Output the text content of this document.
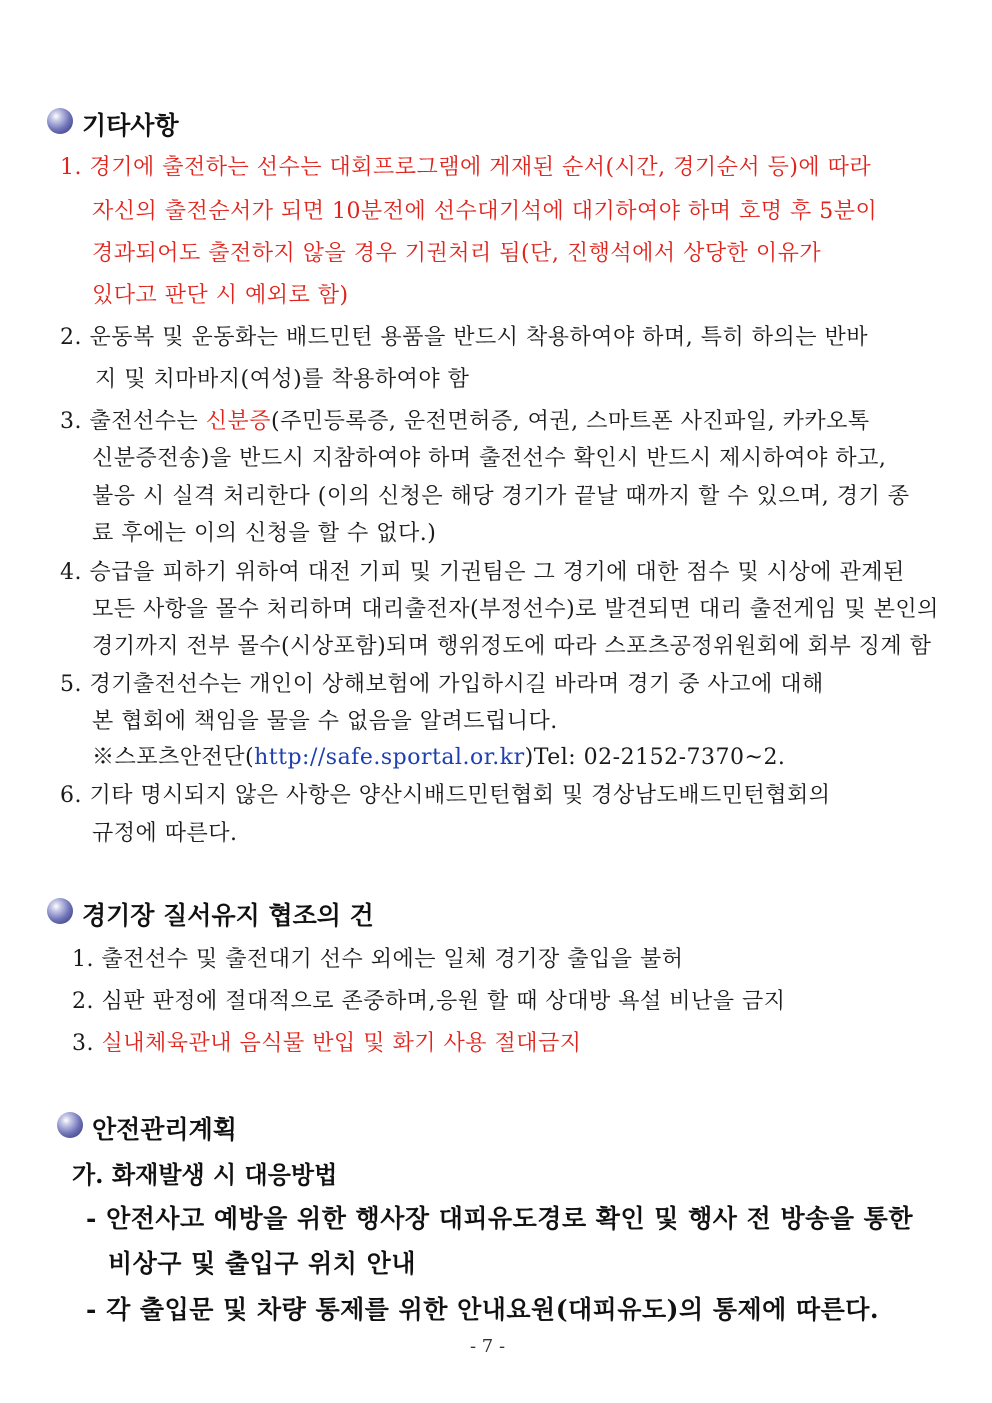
기타사항
1. 경기에 출전하는 선수는 대회프로그램에 게재된 순서(시간, 경기순서 등)에 따라
자신의 출전순서가 되면 10분전에 선수대기석에 대기하여야 하며 호명 후 5분이
경과되어도 출전하지 않을 경우 기권처리 됨(단, 진행석에서 상당한 이유가
있다고 판단 시 예외로 함)
2. 운동복 및 운동화는 배드민턴 용품을 반드시 착용하여야 하며, 특히 하의는 반바
지 및 치마바지(여성)를 착용하여야 함
3. 출전선수는 신분증(주민등록증, 운전면허증, 여권, 스마트폰 사진파일, 카카오톡
신분증전송)을 반드시 지참하여야 하며 출전선수 확인시 반드시 제시하여야 하고,
불응 시 실격 처리한다 (이의 신청은 해당 경기가 끝날 때까지 할 수 있으며, 경기 종
료 후에는 이의 신청을 할 수 없다.)
4. 승급을 피하기 위하여 대전 기피 및 기권팀은 그 경기에 대한 점수 및 시상에 관계된
모든 사항을 몰수 처리하며 대리출전자(부정선수)로 발견되면 대리 출전게임 및 본인의
경기까지 전부 몰수(시상포함)되며 행위정도에 따라 스포츠공정위원회에 회부 징계 함
5. 경기출전선수는 개인이 상해보험에 가입하시길 바라며 경기 중 사고에 대해
본 협회에 책임을 물을 수 없음을 알려드립니다.
※스포츠안전단(http://safe.sportal.or.kr)Tel: 02-2152-7370~2.
6. 기타 명시되지 않은 사항은 양산시배드민턴협회 및 경상남도배드민턴협회의
규정에 따른다.
경기장 질서유지 협조의 건
1. 출전선수 및 출전대기 선수 외에는 일체 경기장 출입을 불허
2. 심판 판정에 절대적으로 존중하며,응원 할 때 상대방 욕설 비난을 금지
3. 실내체육관내 음식물 반입 및 화기 사용 절대금지
안전관리계획
가. 화재발생 시 대응방법
- 안전사고 예방을 위한 행사장 대피유도경로 확인 및 행사 전 방송을 통한
비상구 및 출입구 위치 안내
- 각 출입문 및 차량 통제를 위한 안내요원(대피유도)의 통제에 따른다.
- 7 -
